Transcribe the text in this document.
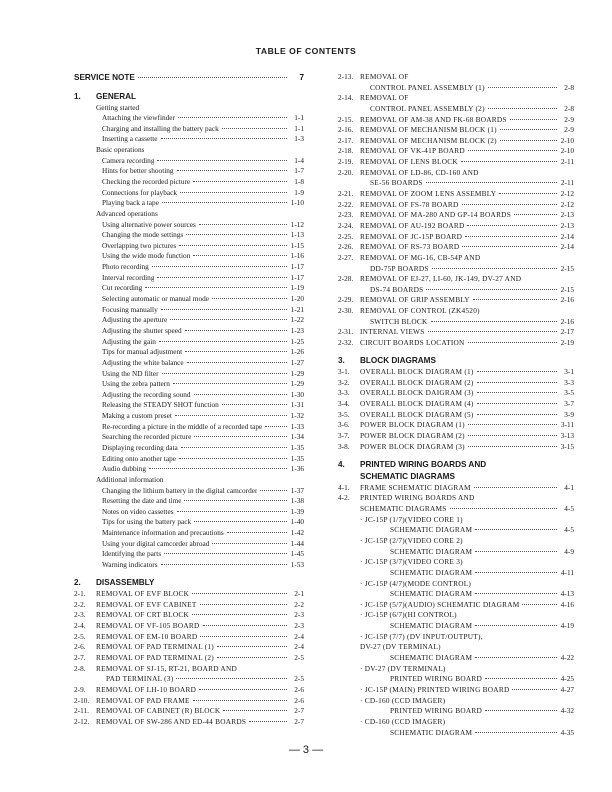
TABLE OF CONTENTS
SERVICE NOTE	7
1.	GENERAL
Getting started
Attaching the viewfinder	1-1
Charging and installing the battery pack	1-1
Inserting a cassette	1-3
Basic operations
Camera recording	1-4
Hints for better shooting	1-7
Checking the recorded picture	1-8
Connections for playback	1-9
Playing back a tape	1-10
Advanced operations
Using alternative power sources	1-12
Changing the mode settings	1-13
Overlapping two pictures	1-15
Using the wide mode function	1-16
Photo recording	1-17
Interval recording	1-17
Cut recording	1-19
Selecting automatic or manual mode	1-20
Focusing manually	1-21
Adjusting the aperture	1-22
Adjusting the shutter speed	1-23
Adjusting the gain	1-25
Tips for manual adjustment	1-26
Adjusting the white balance	1-27
Using the ND filter	1-29
Using the zebra pattern	1-29
Adjusting the recording sound	1-30
Releasing the STEADY SHOT function	1-31
Making a custom preset	1-32
Re-recording a picture in the middle of a recorded tape	1-33
Searching the recorded picture	1-34
Displaying recording data	1-35
Editing onto another tape	1-35
Audio dubbing	1-36
Additional information
Changing the lithium battery in the digital camcorder	1-37
Resetting the date and time	1-38
Notes on video cassettes	1-39
Tips for using the battery pack	1-40
Maintenance information and precautions	1-42
Using your digital camcorder abroad	1-44
Identifying the parts	1-45
Warning indicators	1-53
2.	DISASSEMBLY
2-1.	REMOVAL OF EVF BLOCK	2-1
2-2.	REMOVAL OF EVF CABINET	2-2
2-3.	REMOVAL OF CRT BLOCK	2-3
2-4.	REMOVAL OF VF-105 BOARD	2-3
2-5.	REMOVAL OF EM-10 BOARD	2-4
2-6.	REMOVAL OF PAD TERMINAL (1)	2-4
2-7.	REMOVAL OF PAD TERMINAL (2)	2-5
2-8.	REMOVAL OF SJ-15, RT-21, BOARD AND
PAD TERMINAL (3)	2-5
2-9.	REMOVAL OF LH-10 BOARD	2-6
2-10. REMOVAL OF PAD FRAME	2-6
2-11. REMOVAL OF CABINET (R) BLOCK	2-7
2-12. REMOVAL OF SW-286 AND ED-44 BOARDS	2-7
2-13. REMOVAL OF
CONTROL PANEL ASSEMBLY (1)	2-8
2-14. REMOVAL OF
CONTROL PANEL ASSEMBLY (2)	2-8
2-15. REMOVAL OF AM-38 AND FK-68 BOARDS	2-9
2-16. REMOVAL OF MECHANISM BLOCK (1)	2-9
2-17. REMOVAL OF MECHANISM BLOCK (2)	2-10
2-18. REMOVAL OF VK-41P BOARD	2-10
2-19. REMOVAL OF LENS BLOCK	2-11
2-20. REMOVAL OF LD-86, CD-160 AND
SE-56 BOARDS	2-11
2-21. REMOVAL OF ZOOM LENS ASSEMBLY	2-12
2-22. REMOVAL OF FS-78 BOARD	2-12
2-23. REMOVAL OF MA-280 AND GP-14 BOARDS	2-13
2-24. REMOVAL OF AU-192 BOARD	2-13
2-25. REMOVAL OF JC-15P BOARD	2-14
2-26. REMOVAL OF RS-73 BOARD	2-14
2-27. REMOVAL OF MG-16, CB-54P AND
DD-75P BOARDS	2-15
2-28. REMOVAL OF EJ-27, LI-60, JK-149, DV-27 AND
DS-74 BOARDS	2-15
2-29. REMOVAL OF GRIP ASSEMBLY	2-16
2-30. REMOVAL OF CONTROL (ZK4520)
SWITCH BLOCK	2-16
2-31. INTERNAL VIEWS	2-17
2-32. CIRCUIT BOARDS LOCATION	2-19
3.	BLOCK DIAGRAMS
3-1.	OVERALL BLOCK DIAGRAM (1)	3-1
3-2.	OVERALL BLOCK DIAGRAM (2)	3-3
3-3.	OVERALL BLOCK DAIGRAM (3)	3-5
3-4.	OVERALL BLOCK DIAGRAM (4)	3-7
3-5.	OVERALL BLOCK DIAGRAM (5)	3-9
3-6.	POWER BLOCK DIAGRAM (1)	3-11
3-7.	POWER BLOCK DIAGRAM (2)	3-13
3-8.	POWER BLOCK DIAGRAM (3)	3-15
4.	PRINTED WIRING BOARDS AND
SCHEMATIC DIAGRAMS
4-1.	FRAME SCHEMATIC DIAGRAM	4-1
4-2.	PRINTED WIRING BOARDS AND
SCHEMATIC DIAGRAMS	4-5
· JC-15P (1/7)(VIDEO CORE 1)
SCHEMATIC DIAGRAM	4-5
· JC-15P (2/7)(VIDEO CORE 2)
SCHEMATIC DIAGRAM	4-9
· JC-15P (3/7)(VIDEO CORE 3)
SCHEMATIC DIAGRAM	4-11
· JC-15P (4/7)(MODE CONTROL)
SCHEMATIC DIAGRAM	4-13
· JC-15P (5/7)(AUDIO) SCHEMATIC DIAGRAM	4-16
· JC-15P (6/7)(HI CONTROL)
SCHEMATIC DIAGRAM	4-19
· JC-15P (7/7) (DV INPUT/OUTPUT),
DV-27 (DV TERMINAL)
SCHEMATIC DIAGRAM	4-22
· DV-27 (DV TERMINAL)
PRINTED WIRING BOARD	4-25
· JC-15P (MAIN) PRINTED WIRING BOARD	4-27
· CD-160 (CCD IMAGER)
PRINTED WIRING BOARD	4-32
· CD-160 (CCD IMAGER)
SCHEMATIC DIAGRAM	4-35
— 3 —
